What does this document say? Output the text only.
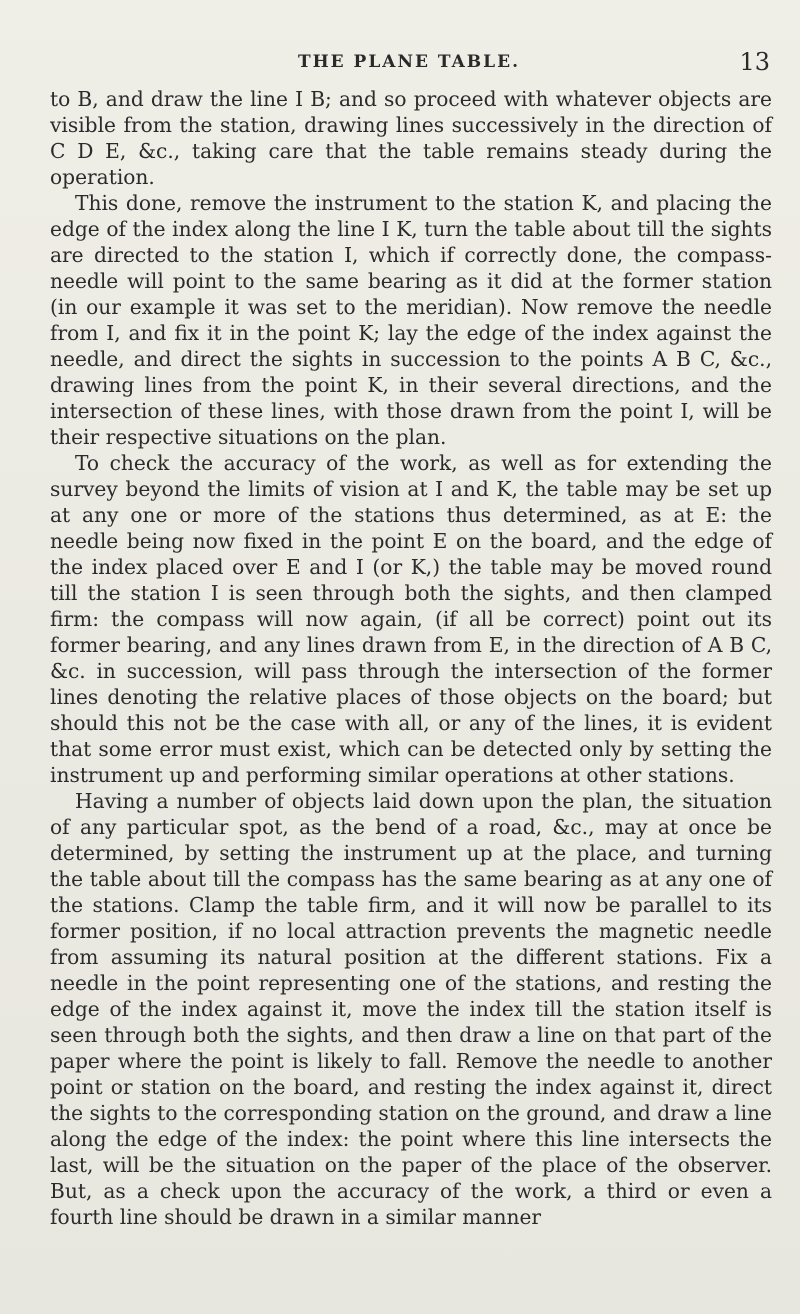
THE PLANE TABLE.	13

to B, and draw the line I B; and so proceed with whatever objects are visible from the station, drawing lines successively in the direction of C D E, &c., taking care that the table remains steady during the operation.

This done, remove the instrument to the station K, and placing the edge of the index along the line I K, turn the table about till the sights are directed to the station I, which if correctly done, the compass-needle will point to the same bearing as it did at the former station (in our example it was set to the meridian). Now remove the needle from I, and fix it in the point K; lay the edge of the index against the needle, and direct the sights in succession to the points A B C, &c., drawing lines from the point K, in their several directions, and the intersection of these lines, with those drawn from the point I, will be their respective situations on the plan.

To check the accuracy of the work, as well as for extending the survey beyond the limits of vision at I and K, the table may be set up at any one or more of the stations thus determined, as at E: the needle being now fixed in the point E on the board, and the edge of the index placed over E and I (or K,) the table may be moved round till the station I is seen through both the sights, and then clamped firm: the compass will now again, (if all be correct) point out its former bearing, and any lines drawn from E, in the direction of A B C, &c. in succession, will pass through the intersection of the former lines denoting the relative places of those objects on the board; but should this not be the case with all, or any of the lines, it is evident that some error must exist, which can be detected only by setting the instrument up and performing similar operations at other stations.

Having a number of objects laid down upon the plan, the situation of any particular spot, as the bend of a road, &c., may at once be determined, by setting the instrument up at the place, and turning the table about till the compass has the same bearing as at any one of the stations. Clamp the table firm, and it will now be parallel to its former position, if no local attraction prevents the magnetic needle from assuming its natural position at the different stations. Fix a needle in the point representing one of the stations, and resting the edge of the index against it, move the index till the station itself is seen through both the sights, and then draw a line on that part of the paper where the point is likely to fall. Remove the needle to another point or station on the board, and resting the index against it, direct the sights to the corresponding station on the ground, and draw a line along the edge of the index: the point where this line intersects the last, will be the situation on the paper of the place of the observer. But, as a check upon the accuracy of the work, a third or even a fourth line should be drawn in a similar manner
